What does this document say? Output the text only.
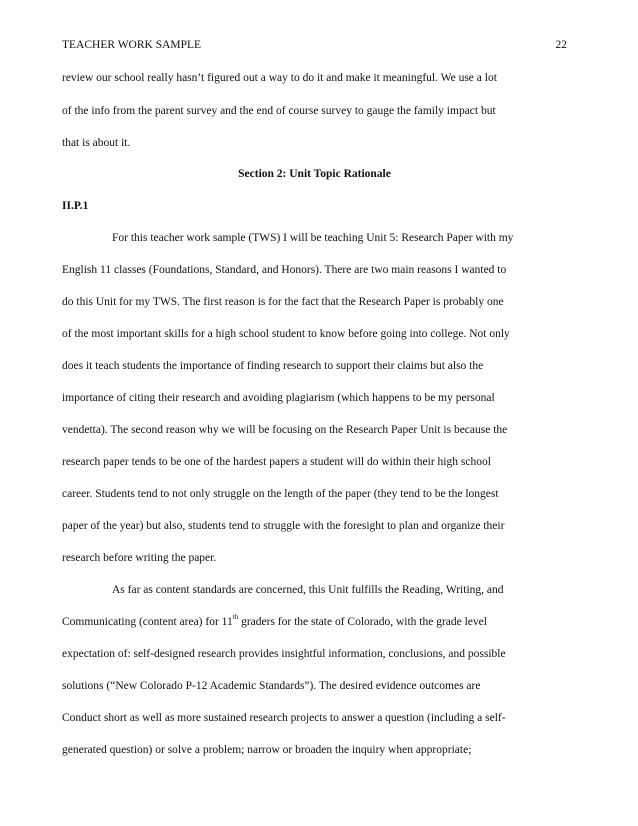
TEACHER WORK SAMPLE	22
review our school really hasn’t figured out a way to do it and make it meaningful. We use a lot
of the info from the parent survey and the end of course survey to gauge the family impact but
that is about it.
Section 2: Unit Topic Rationale
II.P.1
For this teacher work sample (TWS) I will be teaching Unit 5: Research Paper with my
English 11 classes (Foundations, Standard, and Honors). There are two main reasons I wanted to
do this Unit for my TWS. The first reason is for the fact that the Research Paper is probably one
of the most important skills for a high school student to know before going into college. Not only
does it teach students the importance of finding research to support their claims but also the
importance of citing their research and avoiding plagiarism (which happens to be my personal
vendetta). The second reason why we will be focusing on the Research Paper Unit is because the
research paper tends to be one of the hardest papers a student will do within their high school
career. Students tend to not only struggle on the length of the paper (they tend to be the longest
paper of the year) but also, students tend to struggle with the foresight to plan and organize their
research before writing the paper.
As far as content standards are concerned, this Unit fulfills the Reading, Writing, and
Communicating (content area) for 11th graders for the state of Colorado, with the grade level
expectation of: self-designed research provides insightful information, conclusions, and possible
solutions (“New Colorado P-12 Academic Standards”). The desired evidence outcomes are
Conduct short as well as more sustained research projects to answer a question (including a self-
generated question) or solve a problem; narrow or broaden the inquiry when appropriate;
